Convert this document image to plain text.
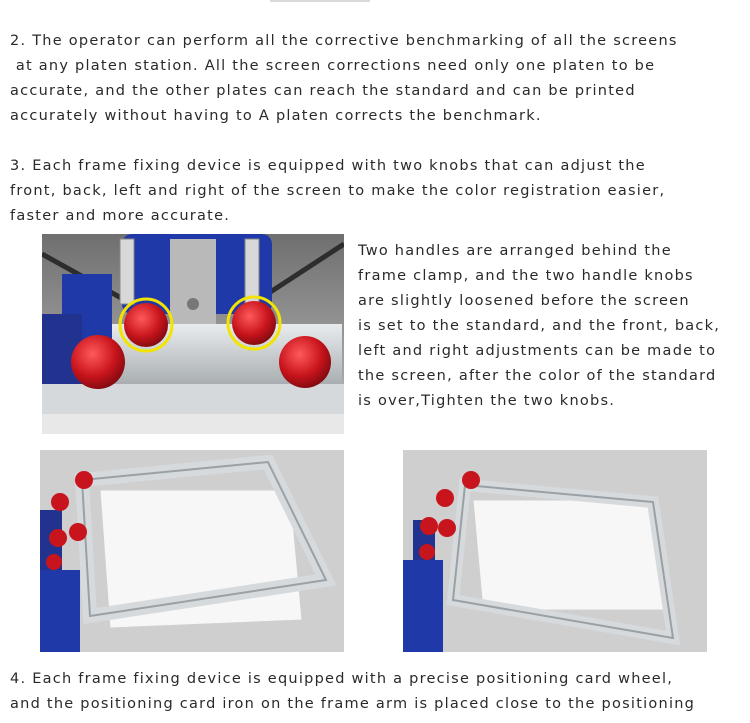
2. The operator can perform all the corrective benchmarking of all the screens
at any platen station. All the screen corrections need only one platen to be
accurate, and the other plates can reach the standard and can be printed
accurately without having to A platen corrects the benchmark.
3. Each frame fixing device is equipped with two knobs that can adjust the
front, back, left and right of the screen to make the color registration easier,
faster and more accurate.
Two handles are arranged behind the
frame clamp, and the two handle knobs
are slightly loosened before the screen
is set to the standard, and the front, back,
left and right adjustments can be made to
the screen, after the color of the standard
is over,Tighten the two knobs.
4. Each frame fixing device is equipped with a precise positioning card wheel,
and the positioning card iron on the frame arm is placed close to the positioning
